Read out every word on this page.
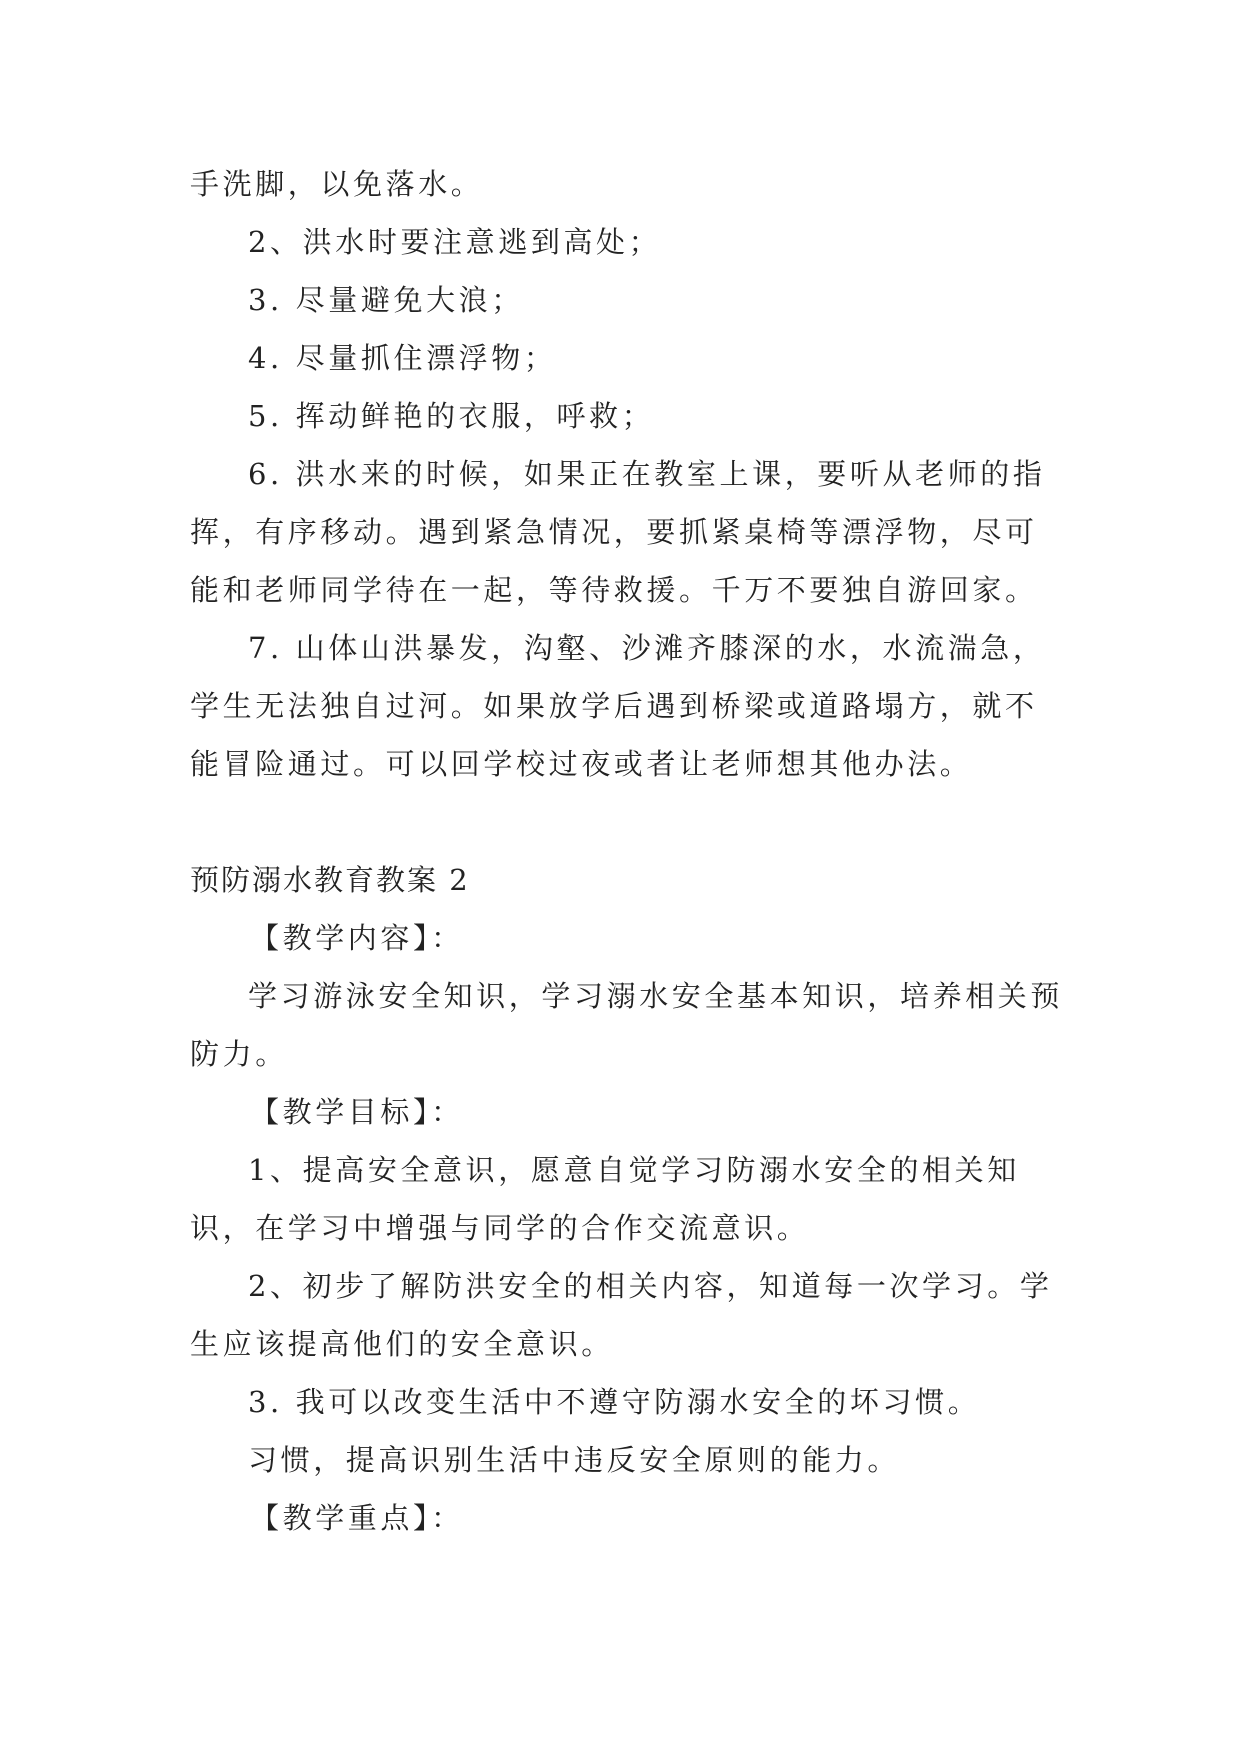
手洗脚，以免落水。

2、洪水时要注意逃到高处；

3. 尽量避免大浪；

4. 尽量抓住漂浮物；

5. 挥动鲜艳的衣服，呼救；

6. 洪水来的时候，如果正在教室上课，要听从老师的指挥，有序移动。遇到紧急情况，要抓紧桌椅等漂浮物，尽可能和老师同学待在一起，等待救援。千万不要独自游回家。

7. 山体山洪暴发，沟壑、沙滩齐膝深的水，水流湍急，学生无法独自过河。如果放学后遇到桥梁或道路塌方，就不能冒险通过。可以回学校过夜或者让老师想其他办法。

预防溺水教育教案 2

【教学内容】：

学习游泳安全知识，学习溺水安全基本知识，培养相关预防力。

【教学目标】：

1、提高安全意识，愿意自觉学习防溺水安全的相关知识，在学习中增强与同学的合作交流意识。

2、初步了解防洪安全的相关内容，知道每一次学习。学生应该提高他们的安全意识。

3. 我可以改变生活中不遵守防溺水安全的坏习惯。

习惯，提高识别生活中违反安全原则的能力。

【教学重点】：
